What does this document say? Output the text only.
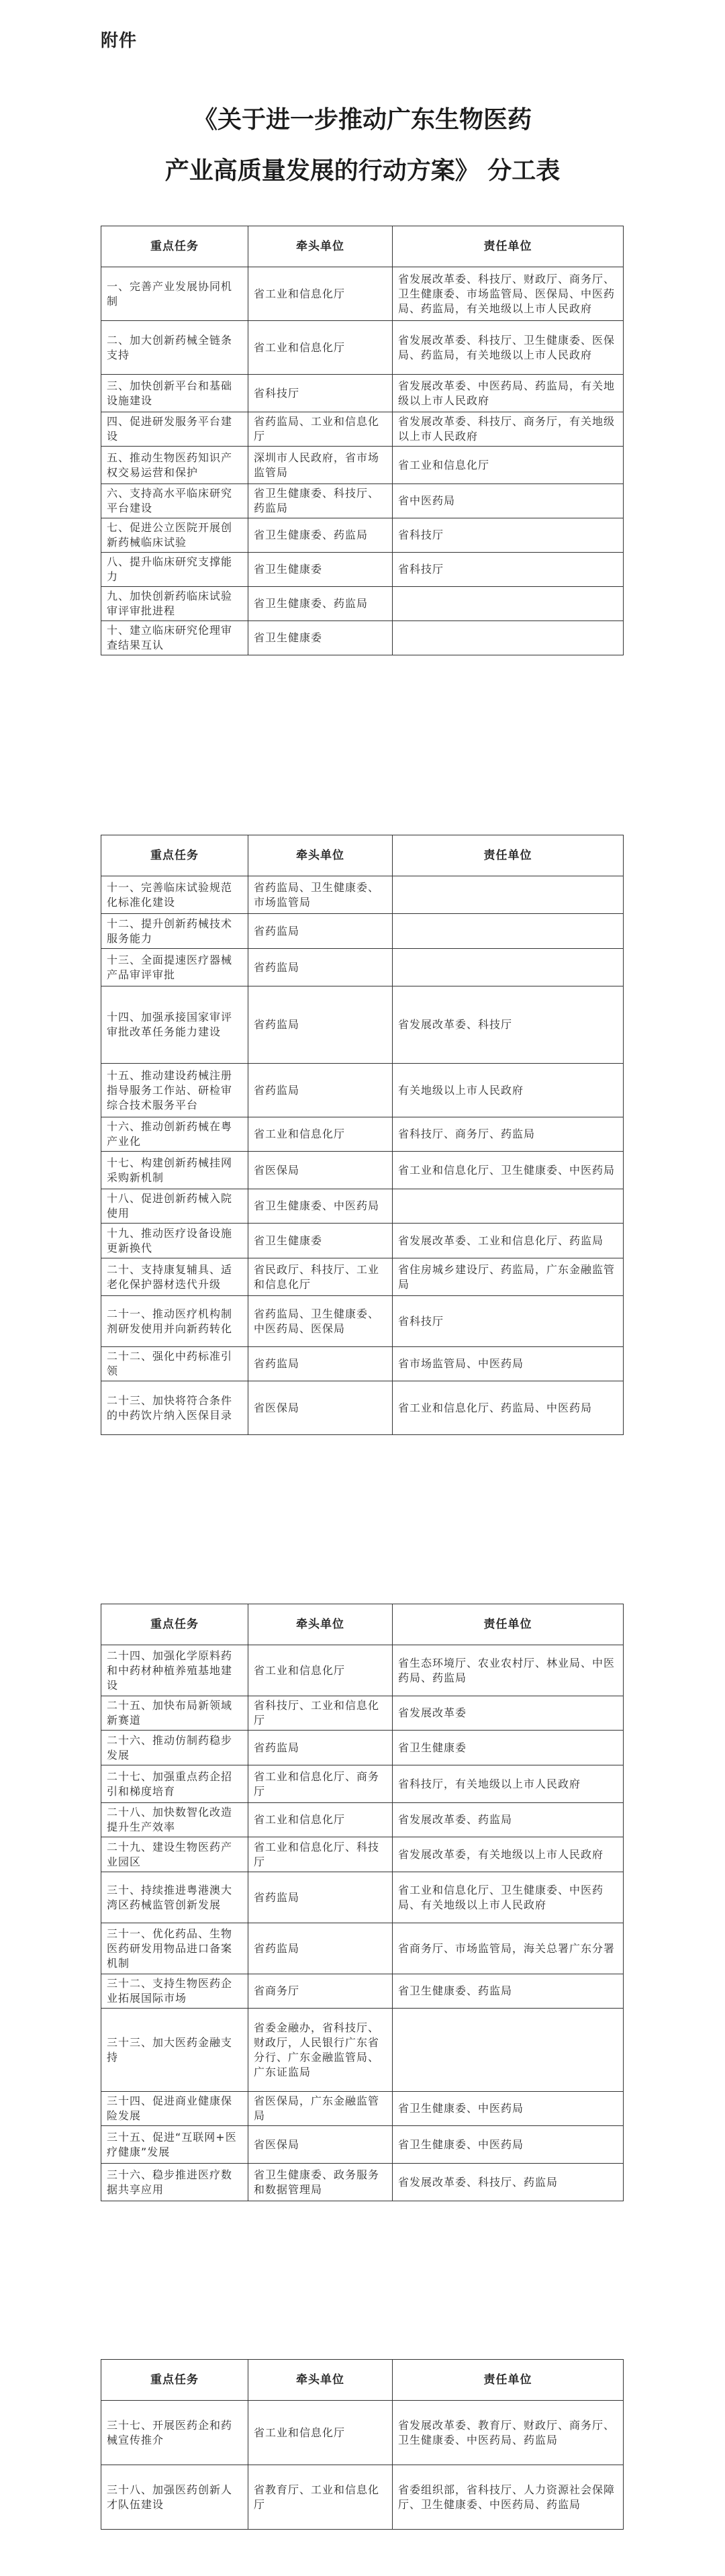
附件
《关于进一步推动广东生物医药
产业高质量发展的行动方案》 分工表
重点任务	牵头单位	责任单位
一、完善产业发展协同机制	省工业和信息化厅	省发展改革委、科技厅、财政厅、商务厅、卫生健康委、市场监管局、医保局、中医药局、药监局，有关地级以上市人民政府
二、加大创新药械全链条支持	省工业和信息化厅	省发展改革委、科技厅、卫生健康委、医保局、药监局，有关地级以上市人民政府
三、加快创新平台和基础设施建设	省科技厅	省发展改革委、中医药局、药监局，有关地级以上市人民政府
四、促进研发服务平台建设	省药监局、工业和信息化厅	省发展改革委、科技厅、商务厅，有关地级以上市人民政府
五、推动生物医药知识产权交易运营和保护	深圳市人民政府，省市场监管局	省工业和信息化厅
六、支持高水平临床研究平台建设	省卫生健康委、科技厅、药监局	省中医药局
七、促进公立医院开展创新药械临床试验	省卫生健康委、药监局	省科技厅
八、提升临床研究支撑能力	省卫生健康委	省科技厅
九、加快创新药临床试验审评审批进程	省卫生健康委、药监局	
十、建立临床研究伦理审查结果互认	省卫生健康委	
重点任务	牵头单位	责任单位
十一、完善临床试验规范化标准化建设	省药监局、卫生健康委、市场监管局	
十二、提升创新药械技术服务能力	省药监局	
十三、全面提速医疗器械产品审评审批	省药监局	
十四、加强承接国家审评审批改革任务能力建设	省药监局	省发展改革委、科技厅
十五、推动建设药械注册指导服务工作站、研检审综合技术服务平台	省药监局	有关地级以上市人民政府
十六、推动创新药械在粤产业化	省工业和信息化厅	省科技厅、商务厅、药监局
十七、构建创新药械挂网采购新机制	省医保局	省工业和信息化厅、卫生健康委、中医药局
十八、促进创新药械入院使用	省卫生健康委、中医药局	
十九、推动医疗设备设施更新换代	省卫生健康委	省发展改革委、工业和信息化厅、药监局
二十、支持康复辅具、适老化保护器材迭代升级	省民政厅、科技厅、工业和信息化厅	省住房城乡建设厅、药监局，广东金融监管局
二十一、推动医疗机构制剂研发使用并向新药转化	省药监局、卫生健康委、中医药局、医保局	省科技厅
二十二、强化中药标准引领	省药监局	省市场监管局、中医药局
二十三、加快将符合条件的中药饮片纳入医保目录	省医保局	省工业和信息化厅、药监局、中医药局
重点任务	牵头单位	责任单位
二十四、加强化学原料药和中药材种植养殖基地建设	省工业和信息化厅	省生态环境厅、农业农村厅、林业局、中医药局、药监局
二十五、加快布局新领域新赛道	省科技厅、工业和信息化厅	省发展改革委
二十六、推动仿制药稳步发展	省药监局	省卫生健康委
二十七、加强重点药企招引和梯度培育	省工业和信息化厅、商务厅	省科技厅，有关地级以上市人民政府
二十八、加快数智化改造提升生产效率	省工业和信息化厅	省发展改革委、药监局
二十九、建设生物医药产业园区	省工业和信息化厅、科技厅	省发展改革委，有关地级以上市人民政府
三十、持续推进粤港澳大湾区药械监管创新发展	省药监局	省工业和信息化厅、卫生健康委、中医药局、有关地级以上市人民政府
三十一、优化药品、生物医药研发用物品进口备案机制	省药监局	省商务厅、市场监管局，海关总署广东分署
三十二、支持生物医药企业拓展国际市场	省商务厅	省卫生健康委、药监局
三十三、加大医药金融支持	省委金融办，省科技厅、财政厅，人民银行广东省分行、广东金融监管局、广东证监局	
三十四、促进商业健康保险发展	省医保局，广东金融监管局	省卫生健康委、中医药局
三十五、促进“互联网+医疗健康”发展	省医保局	省卫生健康委、中医药局
三十六、稳步推进医疗数据共享应用	省卫生健康委、政务服务和数据管理局	省发展改革委、科技厅、药监局
重点任务	牵头单位	责任单位
三十七、开展医药企和药械宣传推介	省工业和信息化厅	省发展改革委、教育厅、财政厅、商务厅、卫生健康委、中医药局、药监局
三十八、加强医药创新人才队伍建设	省教育厅、工业和信息化厅	省委组织部，省科技厅、人力资源社会保障厅、卫生健康委、中医药局、药监局
